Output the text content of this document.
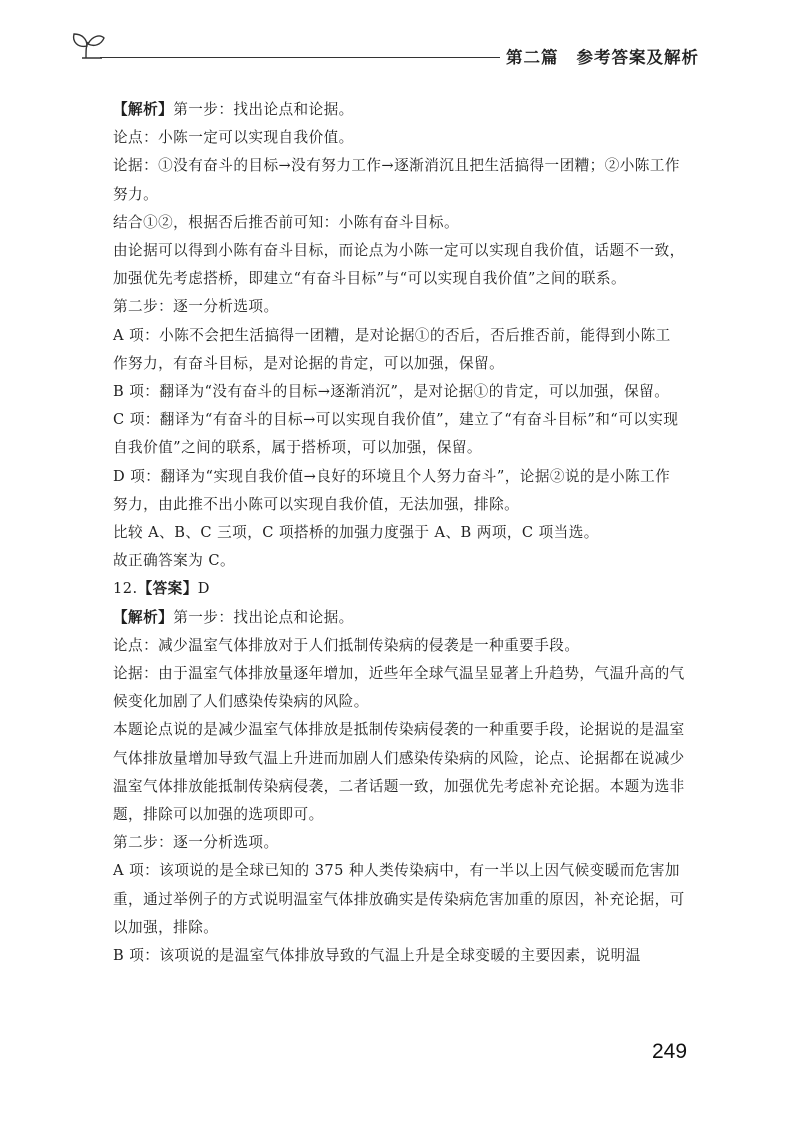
第二篇 参考答案及解析

【解析】第一步：找出论点和论据。

论点：小陈一定可以实现自我价值。

论据：①没有奋斗的目标→没有努力工作→逐渐消沉且把生活搞得一团糟；②小陈工作努力。

结合①②，根据否后推否前可知：小陈有奋斗目标。

由论据可以得到小陈有奋斗目标，而论点为小陈一定可以实现自我价值，话题不一致，加强优先考虑搭桥，即建立“有奋斗目标”与“可以实现自我价值”之间的联系。

第二步：逐一分析选项。

A 项：小陈不会把生活搞得一团糟，是对论据①的否后，否后推否前，能得到小陈工作努力，有奋斗目标，是对论据的肯定，可以加强，保留。

B 项：翻译为“没有奋斗的目标→逐渐消沉”，是对论据①的肯定，可以加强，保留。

C 项：翻译为“有奋斗的目标→可以实现自我价值”，建立了“有奋斗目标”和“可以实现自我价值”之间的联系，属于搭桥项，可以加强，保留。

D 项：翻译为“实现自我价值→良好的环境且个人努力奋斗”，论据②说的是小陈工作努力，由此推不出小陈可以实现自我价值，无法加强，排除。

比较 A、B、C 三项，C 项搭桥的加强力度强于 A、B 两项，C 项当选。

故正确答案为 C。

12.【答案】D

【解析】第一步：找出论点和论据。

论点：减少温室气体排放对于人们抵制传染病的侵袭是一种重要手段。

论据：由于温室气体排放量逐年增加，近些年全球气温呈显著上升趋势，气温升高的气候变化加剧了人们感染传染病的风险。

本题论点说的是减少温室气体排放是抵制传染病侵袭的一种重要手段，论据说的是温室气体排放量增加导致气温上升进而加剧人们感染传染病的风险，论点、论据都在说减少温室气体排放能抵制传染病侵袭，二者话题一致，加强优先考虑补充论据。本题为选非题，排除可以加强的选项即可。

第二步：逐一分析选项。

A 项：该项说的是全球已知的 375 种人类传染病中，有一半以上因气候变暖而危害加重，通过举例子的方式说明温室气体排放确实是传染病危害加重的原因，补充论据，可以加强，排除。

B 项：该项说的是温室气体排放导致的气温上升是全球变暖的主要因素，说明温

249
